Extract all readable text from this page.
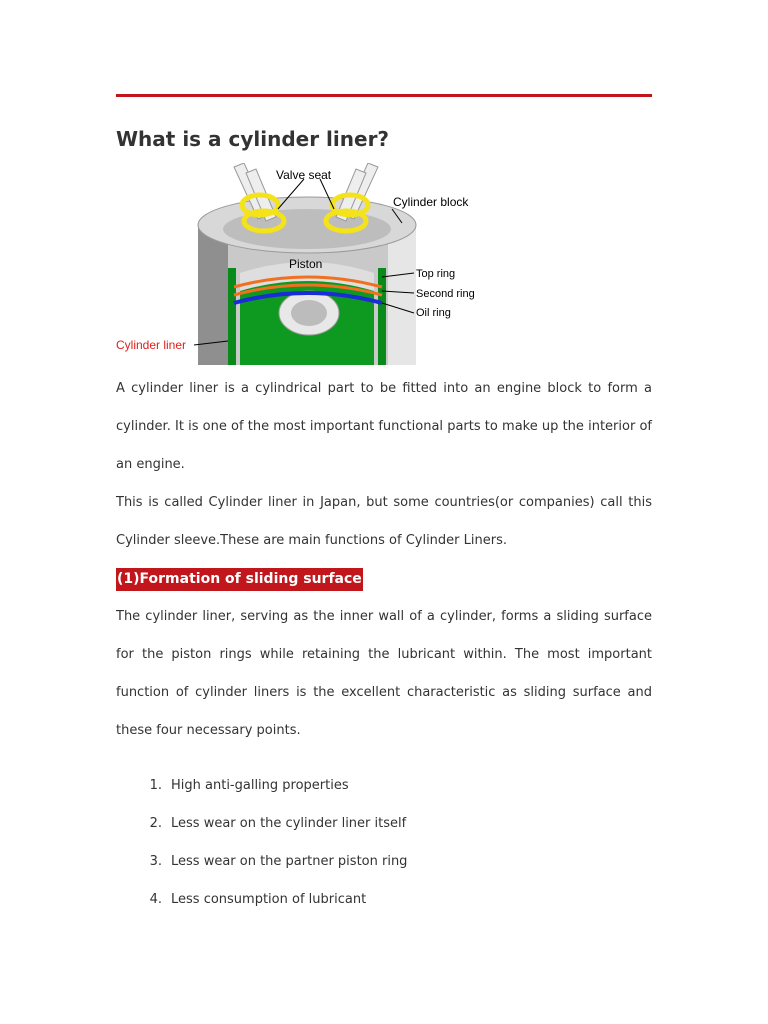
What is a cylinder liner?
Valve seat
Cylinder block
Piston
Top ring
Second ring
Oil ring
Cylinder liner

A cylinder liner is a cylindrical part to be fitted into an engine block to form a cylinder. It is one of the most important functional parts to make up the interior of an engine.

This is called Cylinder liner in Japan, but some countries(or companies) call this Cylinder sleeve.These are main functions of Cylinder Liners.

(1)Formation of sliding surface

The cylinder liner, serving as the inner wall of a cylinder, forms a sliding surface for the piston rings while retaining the lubricant within. The most important function of cylinder liners is the excellent characteristic as sliding surface and these four necessary points.

1. High anti-galling properties
2. Less wear on the cylinder liner itself
3. Less wear on the partner piston ring
4. Less consumption of lubricant
